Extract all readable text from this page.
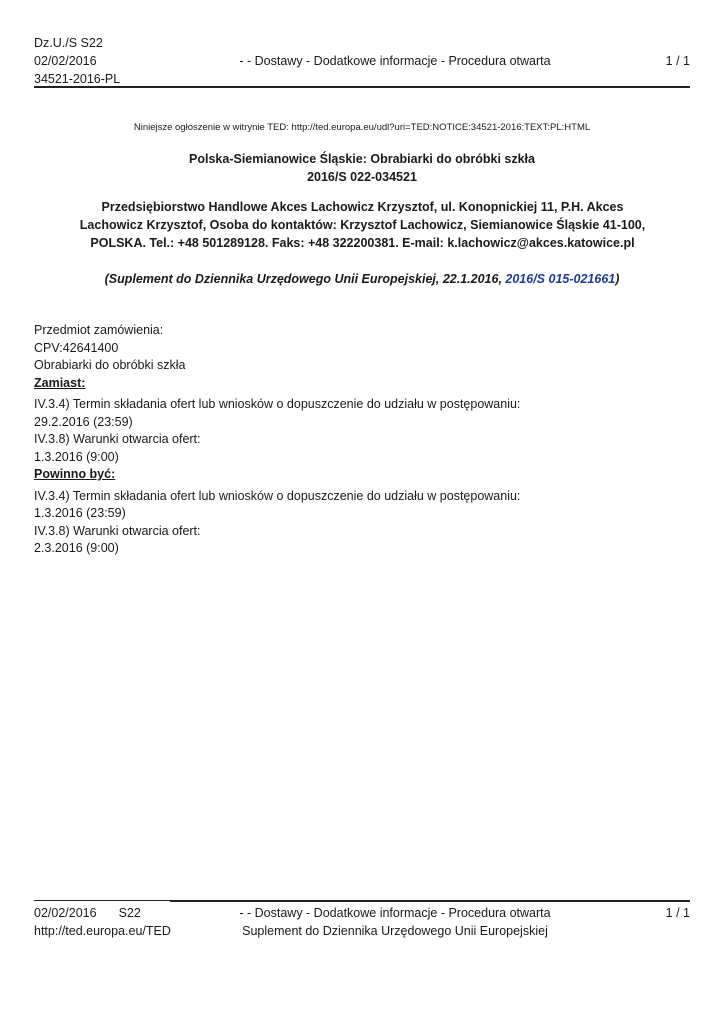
Dz.U./S S22
02/02/2016
34521-2016-PL
- - Dostawy - Dodatkowe informacje - Procedura otwarta	1 / 1
Niniejsze ogłoszenie w witrynie TED: http://ted.europa.eu/udl?uri=TED:NOTICE:34521-2016:TEXT:PL:HTML
Polska-Siemianowice Śląskie: Obrabiarki do obróbki szkła
2016/S 022-034521
Przedsiębiorstwo Handlowe Akces Lachowicz Krzysztof, ul. Konopnickiej 11, P.H. Akces
Lachowicz Krzysztof, Osoba do kontaktów: Krzysztof Lachowicz, Siemianowice Śląskie 41-100,
POLSKA. Tel.: +48 501289128. Faks: +48 322200381. E-mail: k.lachowicz@akces.katowice.pl
(Suplement do Dziennika Urzędowego Unii Europejskiej, 22.1.2016, 2016/S 015-021661)
Przedmiot zamówienia:
CPV:42641400
Obrabiarki do obróbki szkła
Zamiast:
IV.3.4) Termin składania ofert lub wniosków o dopuszczenie do udziału w postępowaniu:
29.2.2016 (23:59)
IV.3.8) Warunki otwarcia ofert:
1.3.2016 (9:00)
Powinno być:
IV.3.4) Termin składania ofert lub wniosków o dopuszczenie do udziału w postępowaniu:
1.3.2016 (23:59)
IV.3.8) Warunki otwarcia ofert:
2.3.2016 (9:00)
02/02/2016 S22
http://ted.europa.eu/TED
- - Dostawy - Dodatkowe informacje - Procedura otwarta
Suplement do Dziennika Urzędowego Unii Europejskiej
1 / 1
